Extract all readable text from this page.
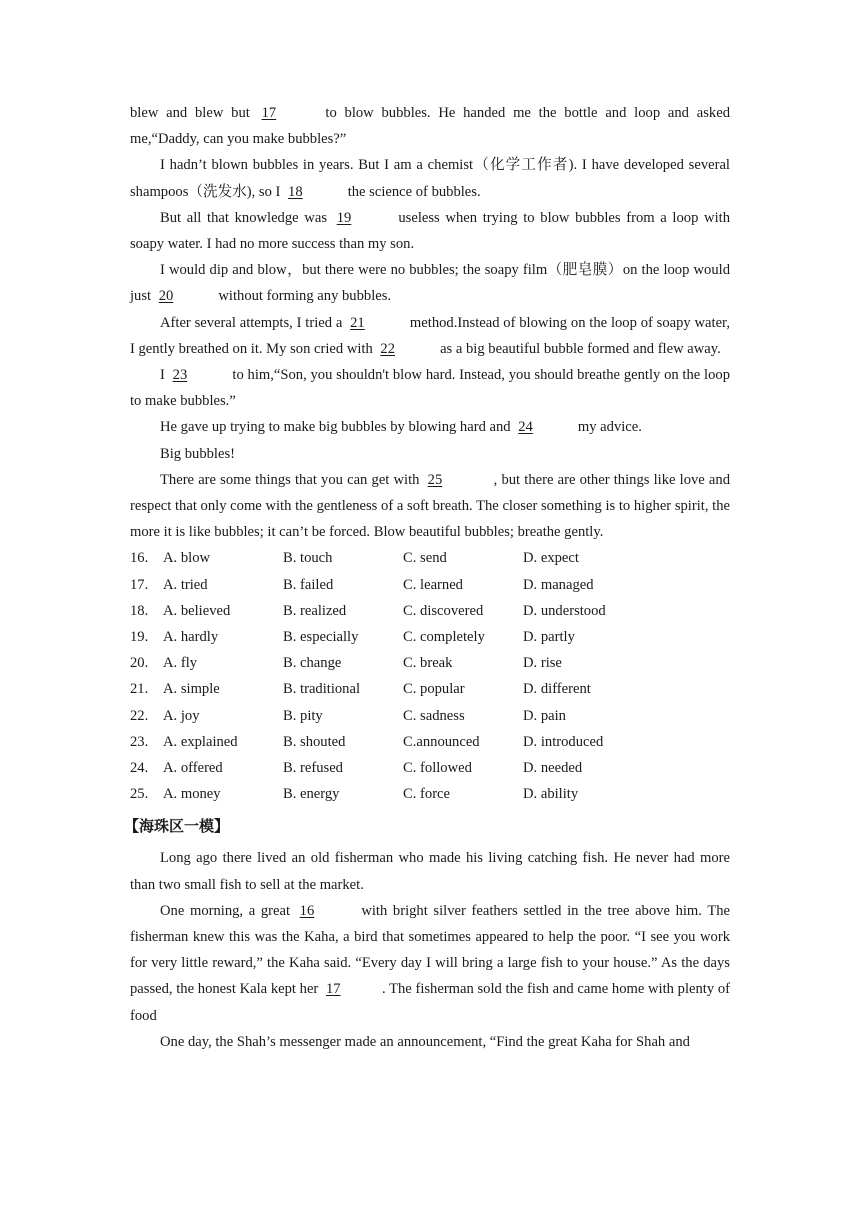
blew and blew but 17	to blow bubbles. He handed me the bottle and loop and asked me,“Daddy, can you make bubbles?”

I hadn’t blown bubbles in years. But I am a chemist（化学工作者). I have developed several shampoos（洗发水), so I 18	the science of bubbles.

But all that knowledge was 19	useless when trying to blow bubbles from a loop with soapy water. I had no more success than my son.

I would dip and blow，but there were no bubbles; the soapy film（肥皂膜）on the loop would just 20	without forming any bubbles.

After several attempts, I tried a 21	method.Instead of blowing on the loop of soapy water, I gently breathed on it. My son cried with 22	as a big beautiful bubble formed and flew away.

I 23	to him,“Son, you shouldn't blow hard. Instead, you should breathe gently on the loop to make bubbles.”

He gave up trying to make big bubbles by blowing hard and 24	my advice.

Big bubbles!

There are some things that you can get with 25	, but there are other things like love and respect that only come with the gentleness of a soft breath. The closer something is to higher spirit, the more it is like bubbles; it can’t be forced. Blow beautiful bubbles; breathe gently.

16.	A. blow	B. touch	C. send	D. expect
17.	A. tried	B. failed	C. learned	D. managed
18.	A. believed	B. realized	C. discovered	D. understood
19.	A. hardly	B. especially	C. completely	D. partly
20.	A. fly	B. change	C. break	D. rise
21.	A. simple	B. traditional	C. popular	D. different
22.	A. joy	B. pity	C. sadness	D. pain
23.	A. explained	B. shouted	C.announced	D. introduced
24.	A. offered	B. refused	C. followed	D. needed
25.	A. money	B. energy	C. force	D. ability
【海珠区一模】

Long ago there lived an old fisherman who made his living catching fish. He never had more than two small fish to sell at the market.

One morning, a great 16	with bright silver feathers settled in the tree above him. The fisherman knew this was the Kaha, a bird that sometimes appeared to help the poor. “I see you work for very little reward,” the Kaha said. “Every day I will bring a large fish to your house.” As the days passed, the honest Kala kept her 17	. The fisherman sold the fish and came home with plenty of food

One day, the Shah’s messenger made an announcement, “Find the great Kaha for Shah and
